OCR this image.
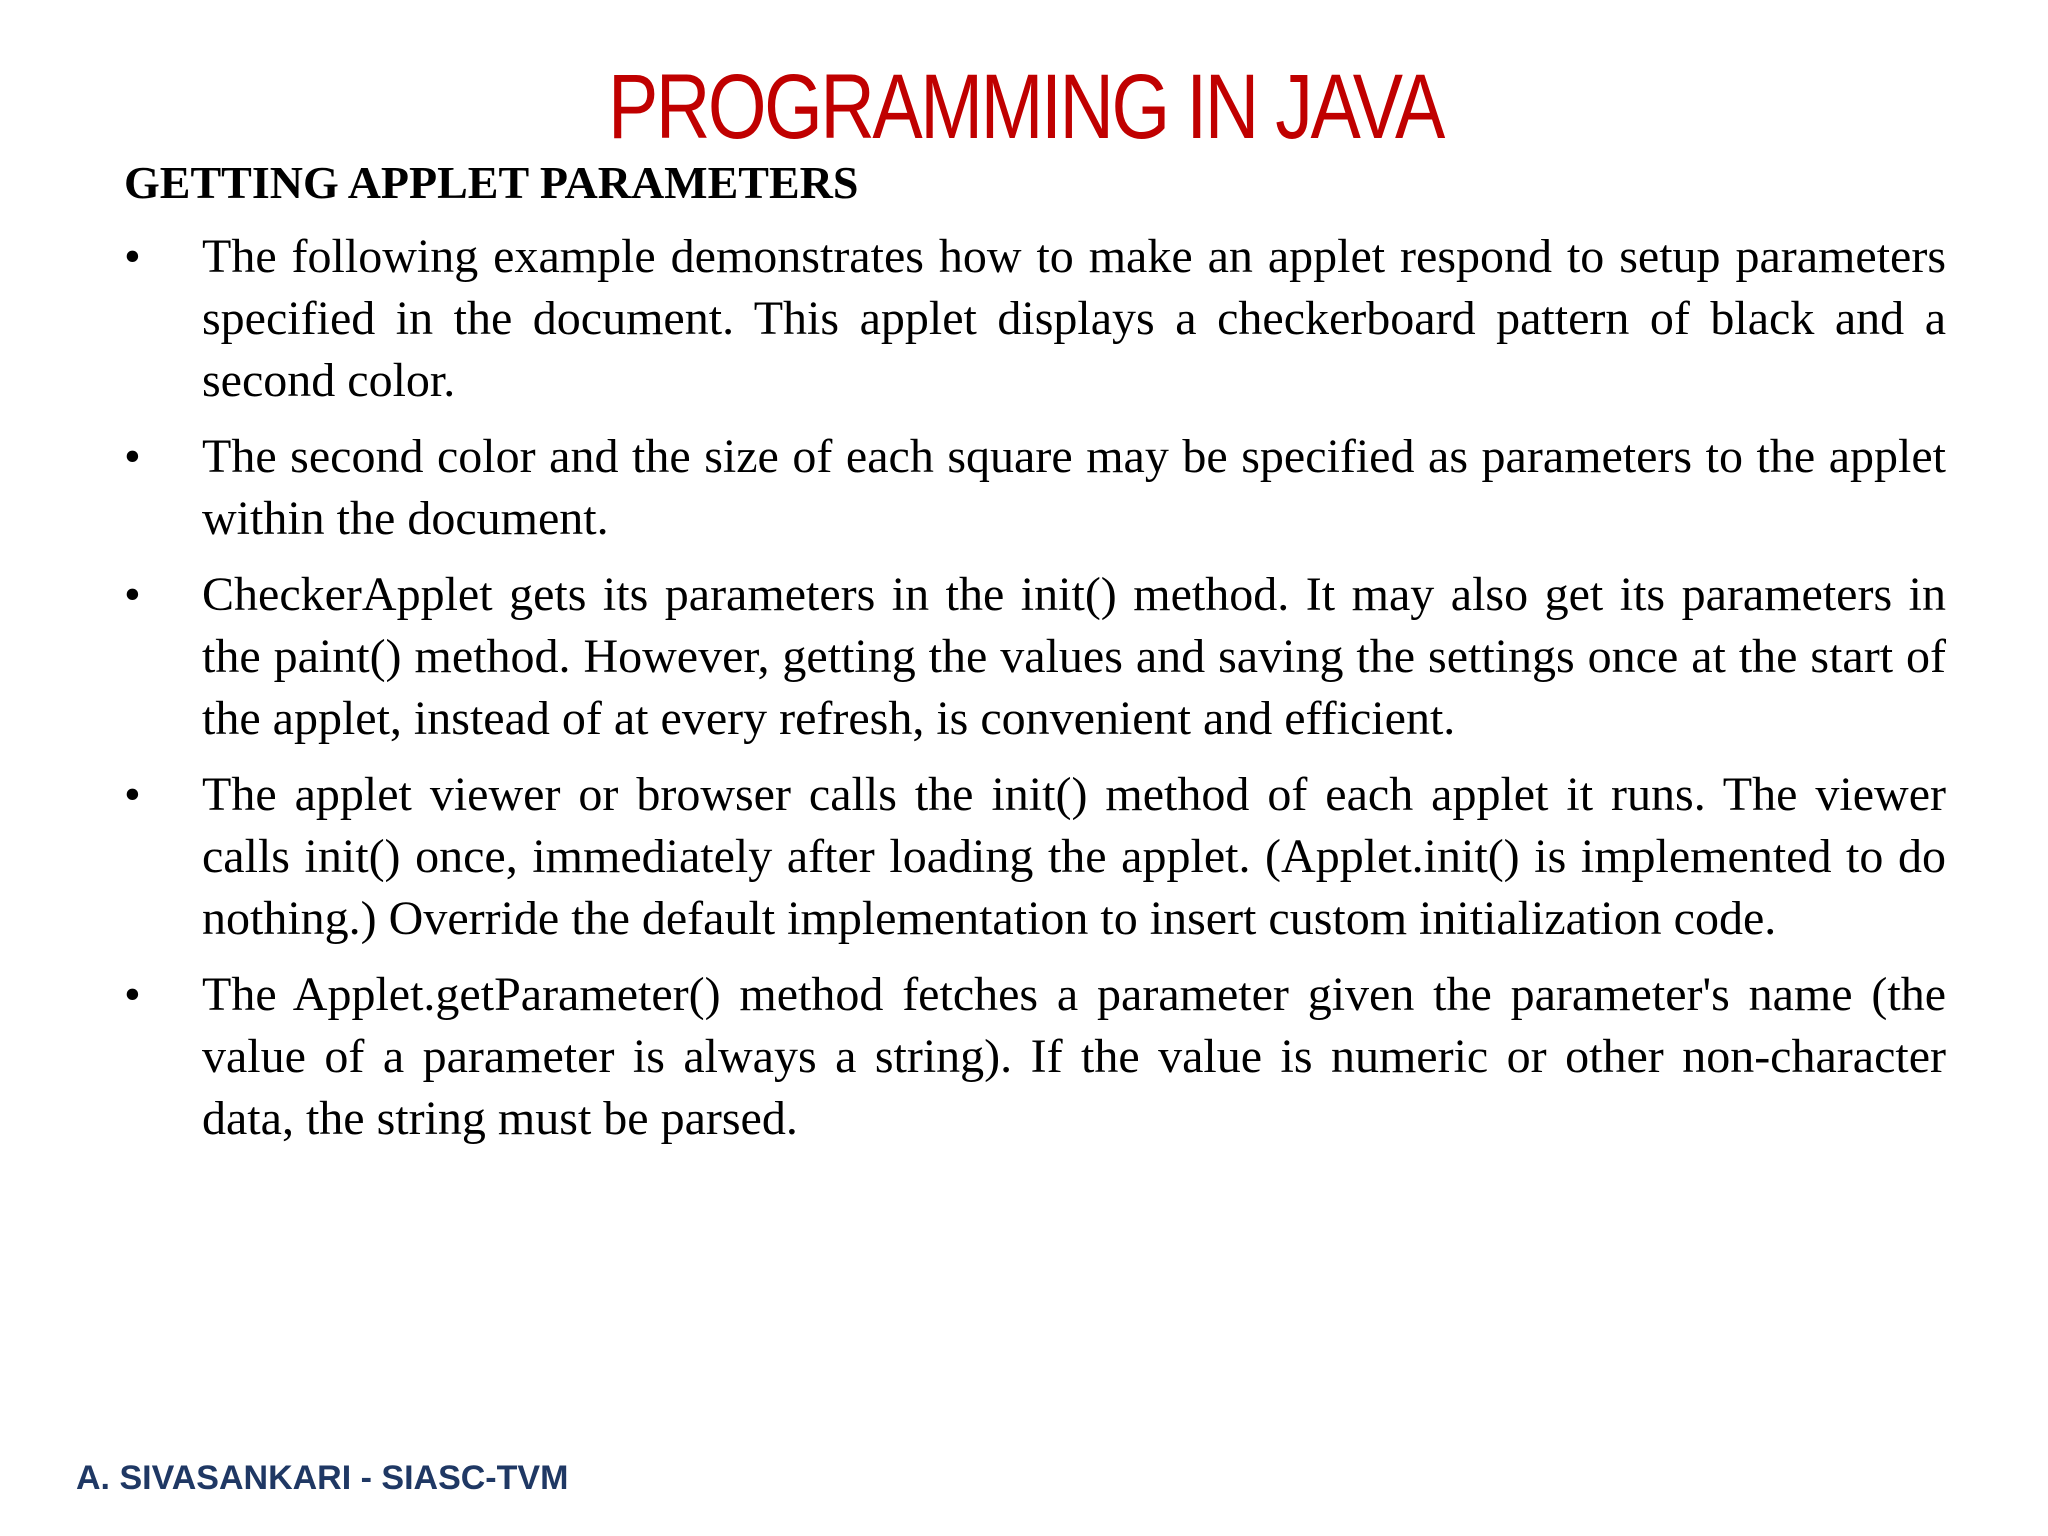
PROGRAMMING IN JAVA
GETTING APPLET PARAMETERS
• The following example demonstrates how to make an applet respond to setup parameters specified in the document. This applet displays a checkerboard pattern of black and a second color.
• The second color and the size of each square may be specified as parameters to the applet within the document.
• CheckerApplet gets its parameters in the init() method. It may also get its parameters in the paint() method. However, getting the values and saving the settings once at the start of the applet, instead of at every refresh, is convenient and efficient.
• The applet viewer or browser calls the init() method of each applet it runs. The viewer calls init() once, immediately after loading the applet. (Applet.init() is implemented to do nothing.) Override the default implementation to insert custom initialization code.
• The Applet.getParameter() method fetches a parameter given the parameter's name (the value of a parameter is always a string). If the value is numeric or other non-character data, the string must be parsed.
A. SIVASANKARI - SIASC-TVM
